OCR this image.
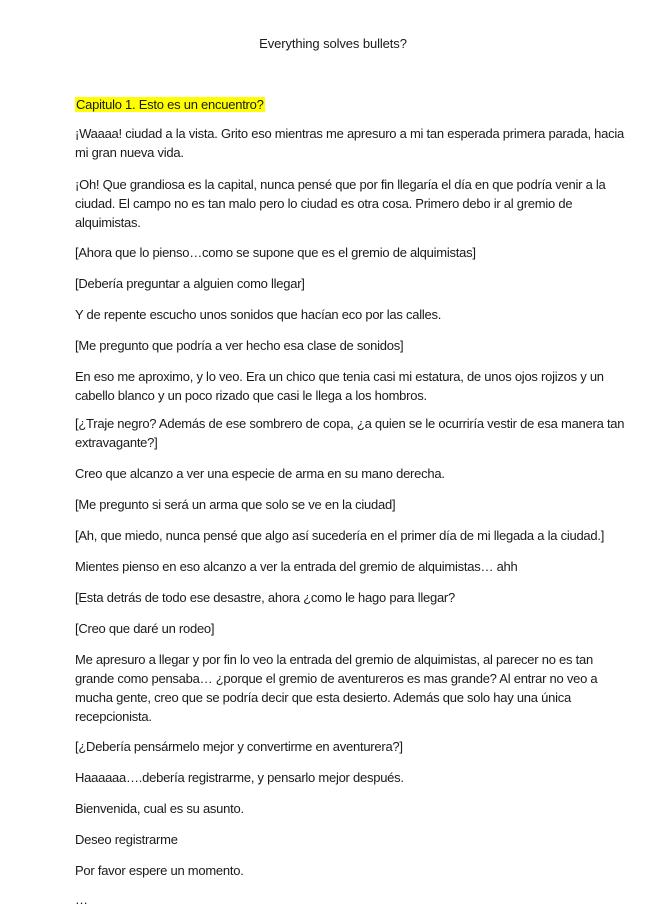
Everything solves bullets?
Capitulo 1. Esto es un encuentro?
¡Waaaa! ciudad a la vista. Grito eso mientras me apresuro a mi tan esperada primera parada, hacia
mi gran nueva vida.
¡Oh! Que grandiosa es la capital, nunca pensé que por fin llegaría el día en que podría venir a la
ciudad. El campo no es tan malo pero lo ciudad es otra cosa. Primero debo ir al gremio de
alquimistas.
[Ahora que lo pienso…como se supone que es el gremio de alquimistas]
[Debería preguntar a alguien como llegar]
Y de repente escucho unos sonidos que hacían eco por las calles.
[Me pregunto que podría a ver hecho esa clase de sonidos]
En eso me aproximo, y lo veo. Era un chico que tenia casi mi estatura, de unos ojos rojizos y un
cabello blanco y un poco rizado que casi le llega a los hombros.
[¿Traje negro? Además de ese sombrero de copa, ¿a quien se le ocurriría vestir de esa manera tan
extravagante?]
Creo que alcanzo a ver una especie de arma en su mano derecha.
[Me pregunto si será un arma que solo se ve en la ciudad]
[Ah, que miedo, nunca pensé que algo así sucedería en el primer día de mi llegada a la ciudad.]
Mientes pienso en eso alcanzo a ver la entrada del gremio de alquimistas… ahh
[Esta detrás de todo ese desastre, ahora ¿como le hago para llegar?
[Creo que daré un rodeo]
Me apresuro a llegar y por fin lo veo la entrada del gremio de alquimistas, al parecer no es tan
grande como pensaba… ¿porque el gremio de aventureros es mas grande? Al entrar no veo a
mucha gente, creo que se podría decir que esta desierto. Además que solo hay una única
recepcionista.
[¿Debería pensármelo mejor y convertirme en aventurera?]
Haaaaaa….debería registrarme, y pensarlo mejor después.
Bienvenida, cual es su asunto.
Deseo registrarme
Por favor espere un momento.
…
